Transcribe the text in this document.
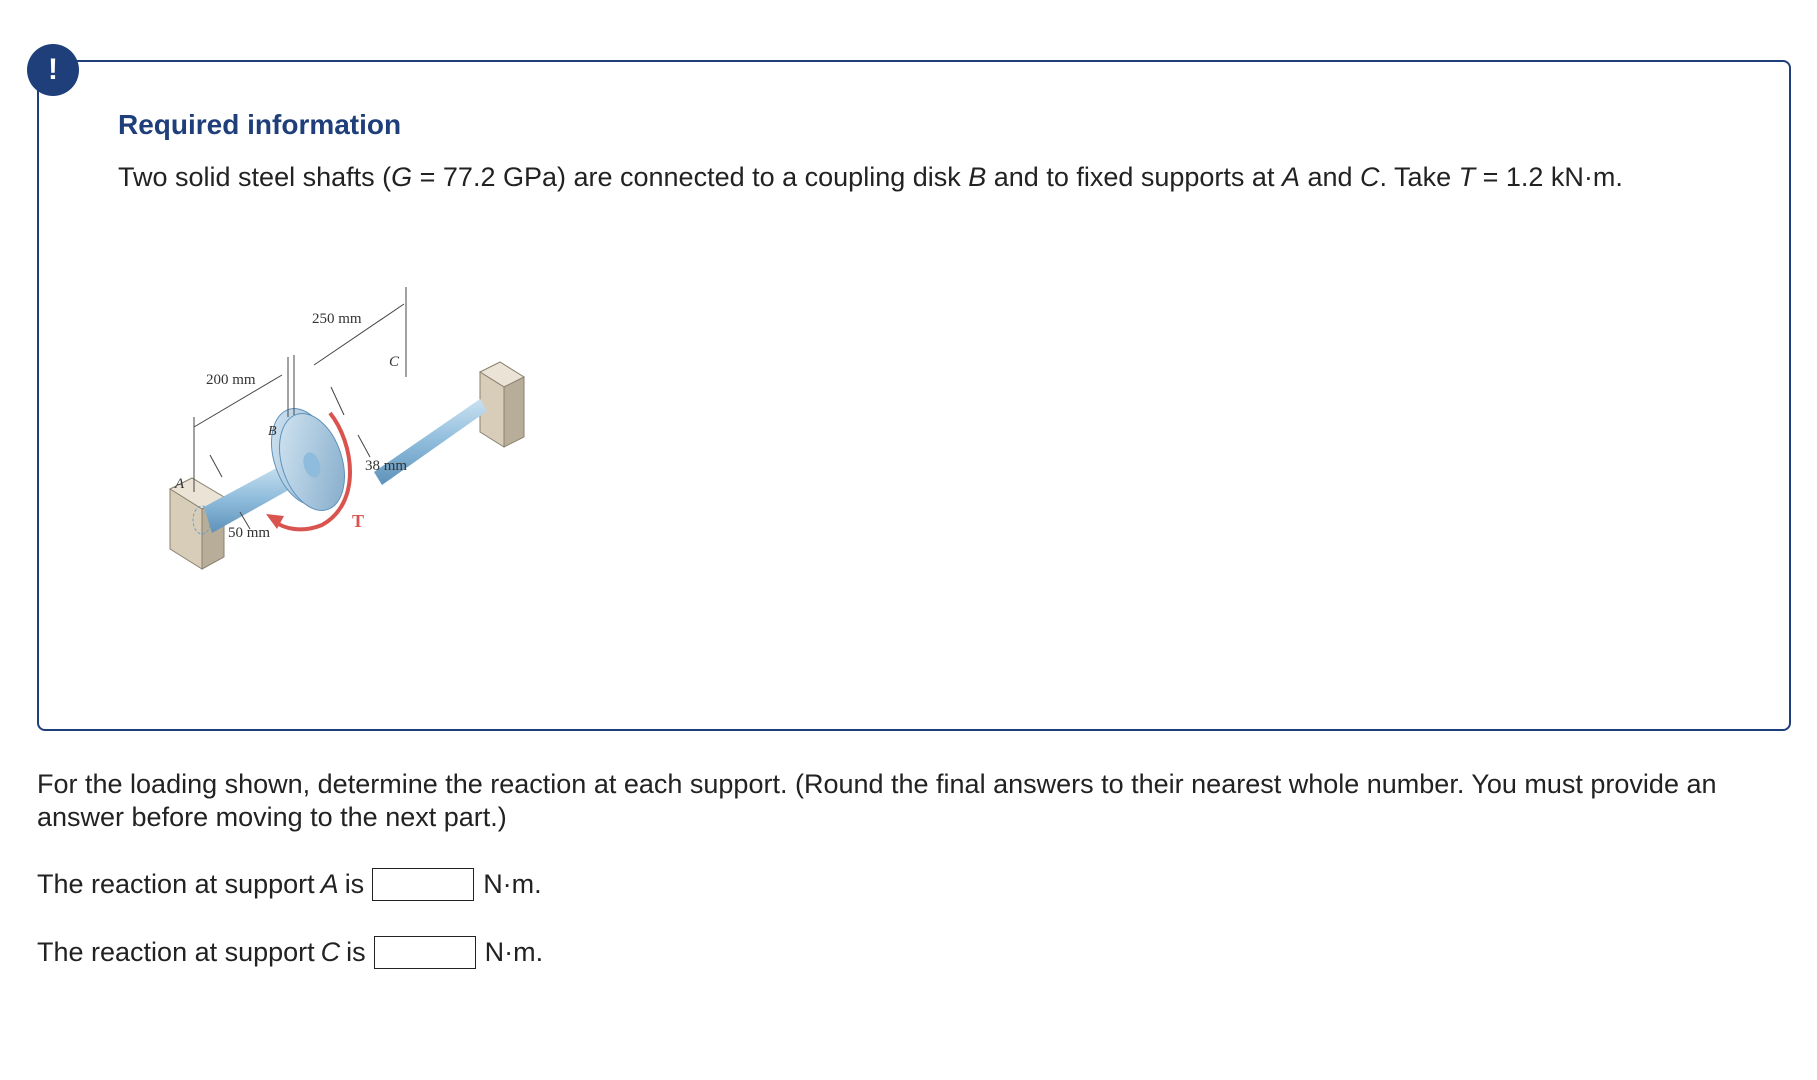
!
Required information
Two solid steel shafts (G = 77.2 GPa) are connected to a coupling disk B and to fixed supports at A and C. Take T = 1.2 kN·m.
250 mm
200 mm
38 mm
50 mm
A
B
C
T
For the loading shown, determine the reaction at each support. (Round the final answers to their nearest whole number. You must provide an answer before moving to the next part.)
The reaction at support A is	N·m.
The reaction at support C is	N·m.
